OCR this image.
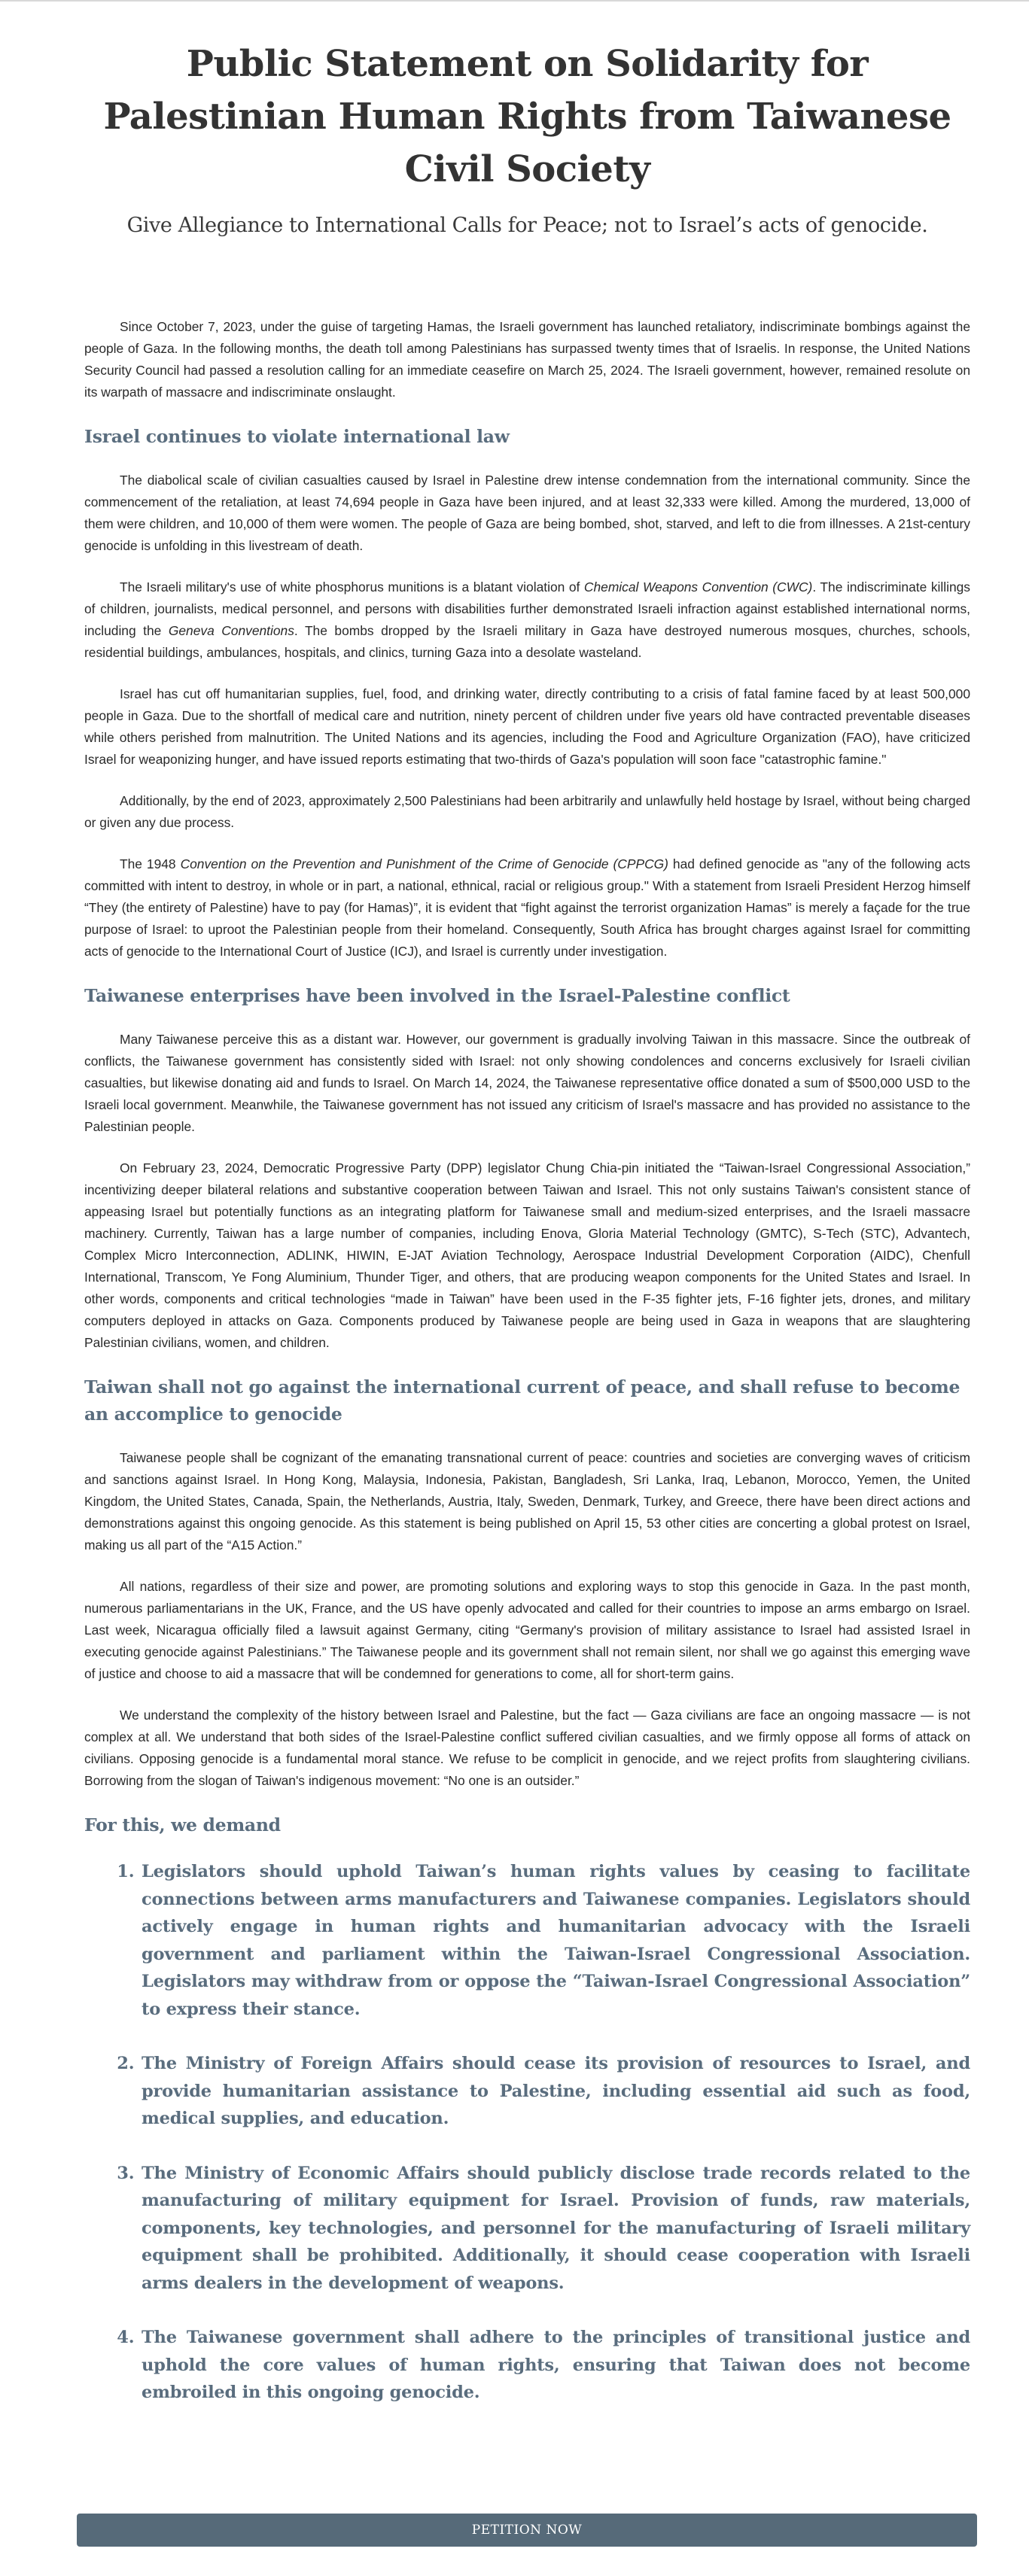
Public Statement on Solidarity for Palestinian Human Rights from Taiwanese Civil Society
Give Allegiance to International Calls for Peace; not to Israel’s acts of genocide.

Since October 7, 2023, under the guise of targeting Hamas, the Israeli government has launched retaliatory, indiscriminate bombings against the people of Gaza. In the following months, the death toll among Palestinians has surpassed twenty times that of Israelis. In response, the United Nations Security Council had passed a resolution calling for an immediate ceasefire on March 25, 2024. The Israeli government, however, remained resolute on its warpath of massacre and indiscriminate onslaught.

Israel continues to violate international law

The diabolical scale of civilian casualties caused by Israel in Palestine drew intense condemnation from the international community. Since the commencement of the retaliation, at least 74,694 people in Gaza have been injured, and at least 32,333 were killed. Among the murdered, 13,000 of them were children, and 10,000 of them were women. The people of Gaza are being bombed, shot, starved, and left to die from illnesses. A 21st-century genocide is unfolding in this livestream of death.

The Israeli military's use of white phosphorus munitions is a blatant violation of Chemical Weapons Convention (CWC). The indiscriminate killings of children, journalists, medical personnel, and persons with disabilities further demonstrated Israeli infraction against established international norms, including the Geneva Conventions. The bombs dropped by the Israeli military in Gaza have destroyed numerous mosques, churches, schools, residential buildings, ambulances, hospitals, and clinics, turning Gaza into a desolate wasteland.

Israel has cut off humanitarian supplies, fuel, food, and drinking water, directly contributing to a crisis of fatal famine faced by at least 500,000 people in Gaza. Due to the shortfall of medical care and nutrition, ninety percent of children under five years old have contracted preventable diseases while others perished from malnutrition. The United Nations and its agencies, including the Food and Agriculture Organization (FAO), have criticized Israel for weaponizing hunger, and have issued reports estimating that two-thirds of Gaza's population will soon face "catastrophic famine."

Additionally, by the end of 2023, approximately 2,500 Palestinians had been arbitrarily and unlawfully held hostage by Israel, without being charged or given any due process.

The 1948 Convention on the Prevention and Punishment of the Crime of Genocide (CPPCG) had defined genocide as "any of the following acts committed with intent to destroy, in whole or in part, a national, ethnical, racial or religious group." With a statement from Israeli President Herzog himself “They (the entirety of Palestine) have to pay (for Hamas)”, it is evident that “fight against the terrorist organization Hamas” is merely a façade for the true purpose of Israel: to uproot the Palestinian people from their homeland. Consequently, South Africa has brought charges against Israel for committing acts of genocide to the International Court of Justice (ICJ), and Israel is currently under investigation.

Taiwanese enterprises have been involved in the Israel-Palestine conflict

Many Taiwanese perceive this as a distant war. However, our government is gradually involving Taiwan in this massacre. Since the outbreak of conflicts, the Taiwanese government has consistently sided with Israel: not only showing condolences and concerns exclusively for Israeli civilian casualties, but likewise donating aid and funds to Israel. On March 14, 2024, the Taiwanese representative office donated a sum of $500,000 USD to the Israeli local government. Meanwhile, the Taiwanese government has not issued any criticism of Israel's massacre and has provided no assistance to the Palestinian people.

On February 23, 2024, Democratic Progressive Party (DPP) legislator Chung Chia-pin initiated the “Taiwan-Israel Congressional Association,” incentivizing deeper bilateral relations and substantive cooperation between Taiwan and Israel. This not only sustains Taiwan's consistent stance of appeasing Israel but potentially functions as an integrating platform for Taiwanese small and medium-sized enterprises, and the Israeli massacre machinery. Currently, Taiwan has a large number of companies, including Enova, Gloria Material Technology (GMTC), S-Tech (STC), Advantech, Complex Micro Interconnection, ADLINK, HIWIN, E-JAT Aviation Technology, Aerospace Industrial Development Corporation (AIDC), Chenfull International, Transcom, Ye Fong Aluminium, Thunder Tiger, and others, that are producing weapon components for the United States and Israel. In other words, components and critical technologies “made in Taiwan” have been used in the F-35 fighter jets, F-16 fighter jets, drones, and military computers deployed in attacks on Gaza. Components produced by Taiwanese people are being used in Gaza in weapons that are slaughtering Palestinian civilians, women, and children.

Taiwan shall not go against the international current of peace, and shall refuse to become an accomplice to genocide

Taiwanese people shall be cognizant of the emanating transnational current of peace: countries and societies are converging waves of criticism and sanctions against Israel. In Hong Kong, Malaysia, Indonesia, Pakistan, Bangladesh, Sri Lanka, Iraq, Lebanon, Morocco, Yemen, the United Kingdom, the United States, Canada, Spain, the Netherlands, Austria, Italy, Sweden, Denmark, Turkey, and Greece, there have been direct actions and demonstrations against this ongoing genocide. As this statement is being published on April 15, 53 other cities are concerting a global protest on Israel, making us all part of the “A15 Action.”

All nations, regardless of their size and power, are promoting solutions and exploring ways to stop this genocide in Gaza. In the past month, numerous parliamentarians in the UK, France, and the US have openly advocated and called for their countries to impose an arms embargo on Israel. Last week, Nicaragua officially filed a lawsuit against Germany, citing “Germany's provision of military assistance to Israel had assisted Israel in executing genocide against Palestinians.” The Taiwanese people and its government shall not remain silent, nor shall we go against this emerging wave of justice and choose to aid a massacre that will be condemned for generations to come, all for short-term gains.

We understand the complexity of the history between Israel and Palestine, but the fact — Gaza civilians are face an ongoing massacre — is not complex at all. We understand that both sides of the Israel-Palestine conflict suffered civilian casualties, and we firmly oppose all forms of attack on civilians. Opposing genocide is a fundamental moral stance. We refuse to be complicit in genocide, and we reject profits from slaughtering civilians. Borrowing from the slogan of Taiwan's indigenous movement: “No one is an outsider.”

For this, we demand
1. Legislators should uphold Taiwan’s human rights values by ceasing to facilitate connections between arms manufacturers and Taiwanese companies. Legislators should actively engage in human rights and humanitarian advocacy with the Israeli government and parliament within the Taiwan-Israel Congressional Association. Legislators may withdraw from or oppose the “Taiwan-Israel Congressional Association” to express their stance.
2. The Ministry of Foreign Affairs should cease its provision of resources to Israel, and provide humanitarian assistance to Palestine, including essential aid such as food, medical supplies, and education.
3. The Ministry of Economic Affairs should publicly disclose trade records related to the manufacturing of military equipment for Israel. Provision of funds, raw materials, components, key technologies, and personnel for the manufacturing of Israeli military equipment shall be prohibited. Additionally, it should cease cooperation with Israeli arms dealers in the development of weapons.
4. The Taiwanese government shall adhere to the principles of transitional justice and uphold the core values of human rights, ensuring that Taiwan does not become embroiled in this ongoing genocide.
PETITION NOW
